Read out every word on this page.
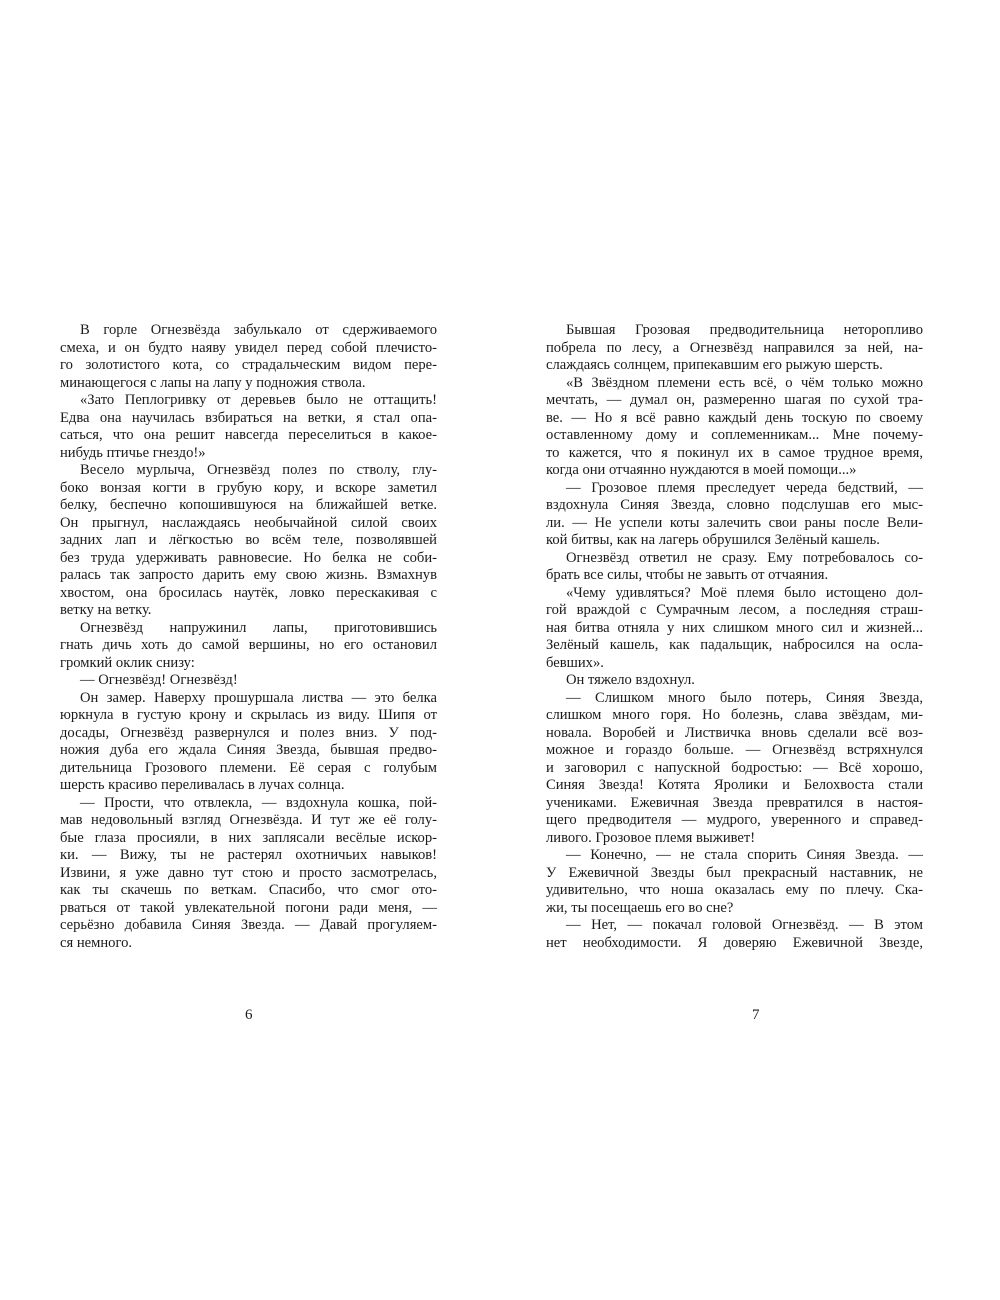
В горле Огнезвёзда забулькало от сдерживаемого
смеха, и он будто наяву увидел перед собой плечисто-
го золотистого кота, со страдальческим видом пере-
минающегося с лапы на лапу у подножия ствола.
«Зато Пеплогривку от деревьев было не оттащить!
Едва она научилась взбираться на ветки, я стал опа-
саться, что она решит навсегда переселиться в какое-
нибудь птичье гнездо!»
Весело мурлыча, Огнезвёзд полез по стволу, глу-
боко вонзая когти в грубую кору, и вскоре заметил
белку, беспечно копошившуюся на ближайшей ветке.
Он прыгнул, наслаждаясь необычайной силой своих
задних лап и лёгкостью во всём теле, позволявшей
без труда удерживать равновесие. Но белка не соби-
ралась так запросто дарить ему свою жизнь. Взмахнув
хвостом, она бросилась наутёк, ловко перескакивая с
ветку на ветку.
Огнезвёзд напружинил лапы, приготовившись
гнать дичь хоть до самой вершины, но его остановил
громкий оклик снизу:
— Огнезвёзд! Огнезвёзд!
Он замер. Наверху прошуршала листва — это белка
юркнула в густую крону и скрылась из виду. Шипя от
досады, Огнезвёзд развернулся и полез вниз. У под-
ножия дуба его ждала Синяя Звезда, бывшая предво-
дительница Грозового племени. Её серая с голубым
шерсть красиво переливалась в лучах солнца.
— Прости, что отвлекла, — вздохнула кошка, пой-
мав недовольный взгляд Огнезвёзда. И тут же её голу-
бые глаза просияли, в них заплясали весёлые искор-
ки. — Вижу, ты не растерял охотничьих навыков!
Извини, я уже давно тут стою и просто засмотрелась,
как ты скачешь по веткам. Спасибо, что смог ото-
рваться от такой увлекательной погони ради меня, —
серьёзно добавила Синяя Звезда. — Давай прогуляем-
ся немного.
Бывшая Грозовая предводительница неторопливо
побрела по лесу, а Огнезвёзд направился за ней, на-
слаждаясь солнцем, припекавшим его рыжую шерсть.
«В Звёздном племени есть всё, о чём только можно
мечтать, — думал он, размеренно шагая по сухой тра-
ве. — Но я всё равно каждый день тоскую по своему
оставленному дому и соплеменникам... Мне почему-
то кажется, что я покинул их в самое трудное время,
когда они отчаянно нуждаются в моей помощи...»
— Грозовое племя преследует череда бедствий, —
вздохнула Синяя Звезда, словно подслушав его мыс-
ли. — Не успели коты залечить свои раны после Вели-
кой битвы, как на лагерь обрушился Зелёный кашель.
Огнезвёзд ответил не сразу. Ему потребовалось со-
брать все силы, чтобы не завыть от отчаяния.
«Чему удивляться? Моё племя было истощено дол-
гой враждой с Сумрачным лесом, а последняя страш-
ная битва отняла у них слишком много сил и жизней...
Зелёный кашель, как падальщик, набросился на осла-
бевших».
Он тяжело вздохнул.
— Слишком много было потерь, Синяя Звезда,
слишком много горя. Но болезнь, слава звёздам, ми-
новала. Воробей и Листвичка вновь сделали всё воз-
можное и гораздо больше. — Огнезвёзд встряхнулся
и заговорил с напускной бодростью: — Всё хорошо,
Синяя Звезда! Котята Яролики и Белохвоста стали
учениками. Ежевичная Звезда превратился в настоя-
щего предводителя — мудрого, уверенного и справед-
ливого. Грозовое племя выживет!
— Конечно, — не стала спорить Синяя Звезда. —
У Ежевичной Звезды был прекрасный наставник, не
удивительно, что ноша оказалась ему по плечу. Ска-
жи, ты посещаешь его во сне?
— Нет, — покачал головой Огнезвёзд. — В этом
нет необходимости. Я доверяю Ежевичной Звезде,
6	7
